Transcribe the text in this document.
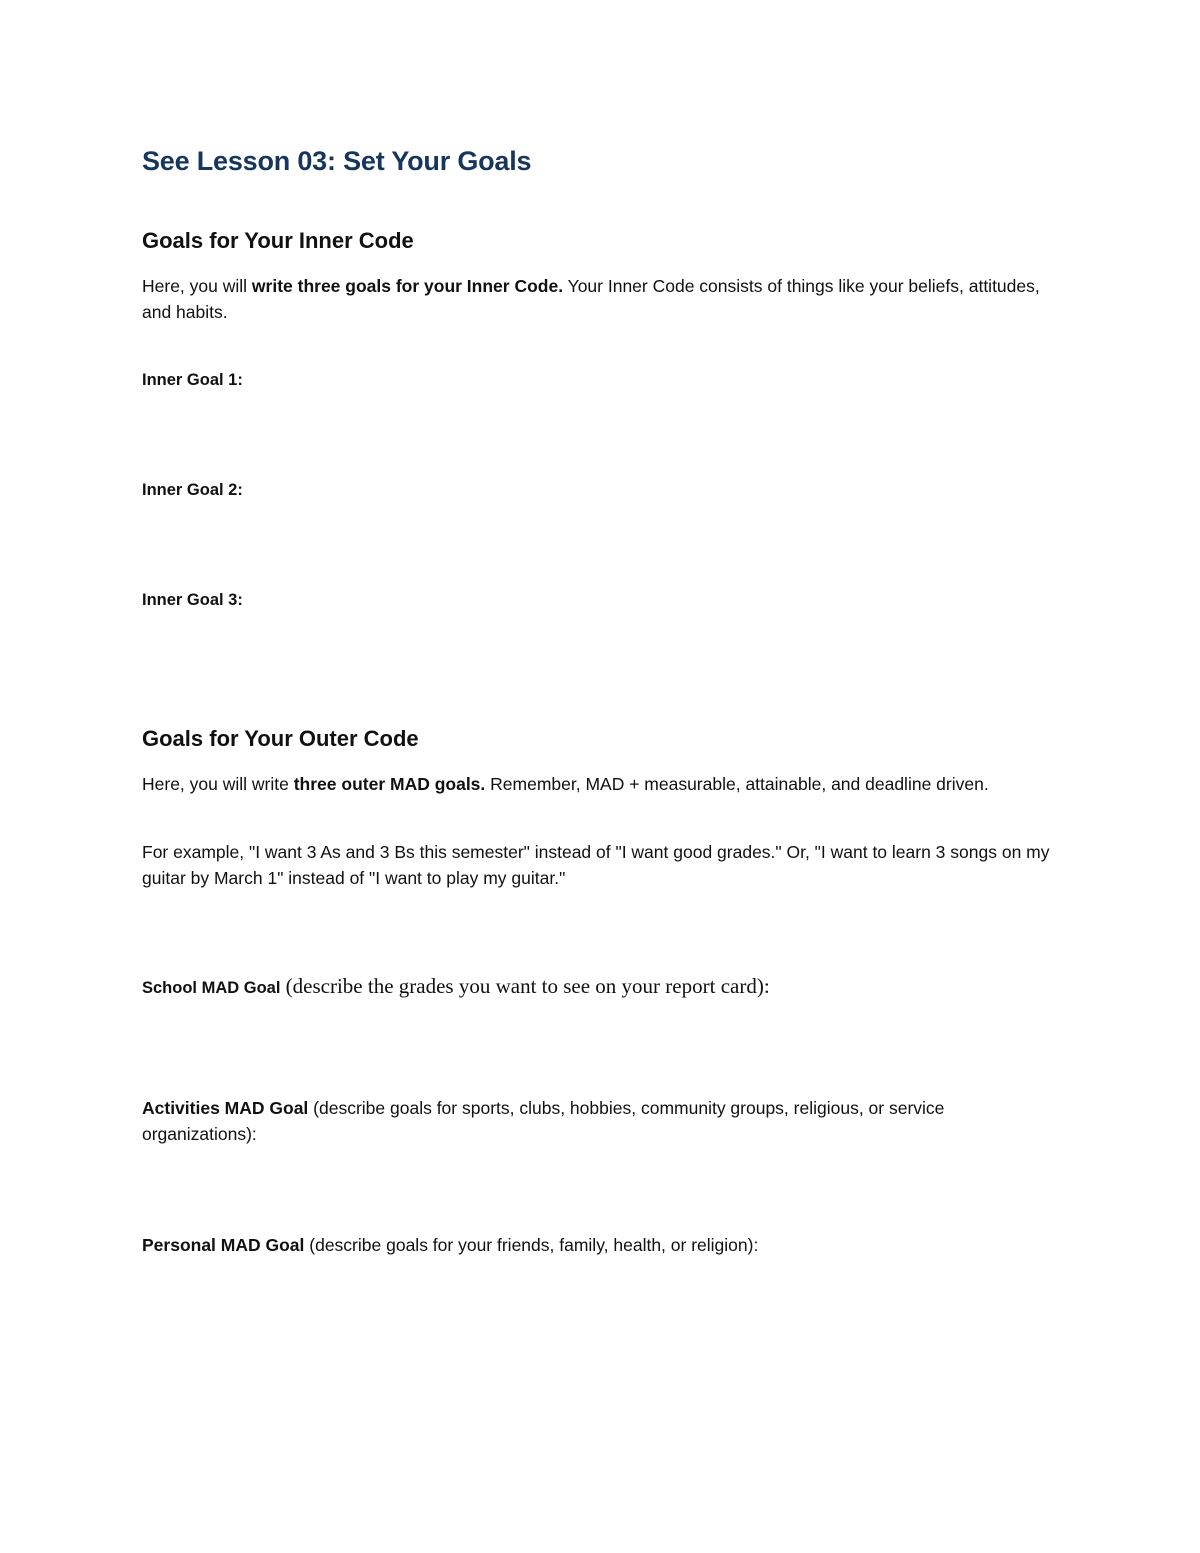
See Lesson 03: Set Your Goals
Goals for Your Inner Code

Here, you will write three goals for your Inner Code. Your Inner Code consists of things like your beliefs, attitudes, and habits.

Inner Goal 1:

Inner Goal 2:

Inner Goal 3:

Goals for Your Outer Code

Here, you will write three outer MAD goals. Remember, MAD + measurable, attainable, and deadline driven.

For example, "I want 3 As and 3 Bs this semester" instead of "I want good grades." Or, "I want to learn 3 songs on my guitar by March 1" instead of "I want to play my guitar."

School MAD Goal (describe the grades you want to see on your report card):

Activities MAD Goal (describe goals for sports, clubs, hobbies, community groups, religious, or service organizations):

Personal MAD Goal (describe goals for your friends, family, health, or religion):
